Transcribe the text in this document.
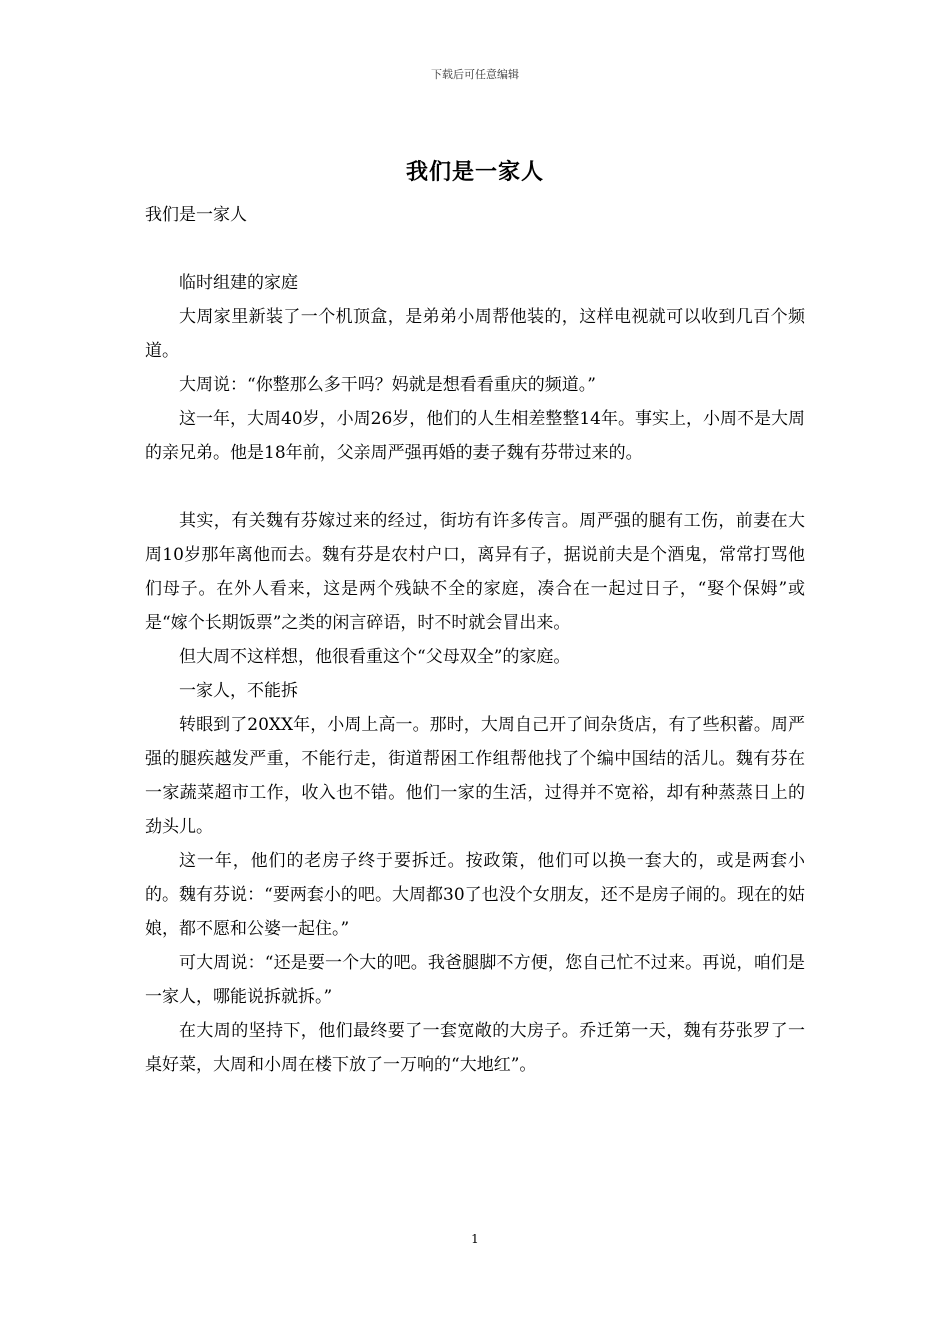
下载后可任意编辑
我们是一家人

我们是一家人

临时组建的家庭

大周家里新装了一个机顶盒，是弟弟小周帮他装的，这样电视就可以收到几百个频道。

大周说：“你整那么多干吗？妈就是想看看重庆的频道。”

这一年，大周40岁，小周26岁，他们的人生相差整整14年。事实上，小周不是大周的亲兄弟。他是18年前，父亲周严强再婚的妻子魏有芬带过来的。

其实，有关魏有芬嫁过来的经过，街坊有许多传言。周严强的腿有工伤，前妻在大周10岁那年离他而去。魏有芬是农村户口，离异有子，据说前夫是个酒鬼，常常打骂他们母子。在外人看来，这是两个残缺不全的家庭，凑合在一起过日子，“娶个保姆”或是“嫁个长期饭票”之类的闲言碎语，时不时就会冒出来。

但大周不这样想，他很看重这个“父母双全”的家庭。

一家人，不能拆

转眼到了20XX年，小周上高一。那时，大周自己开了间杂货店，有了些积蓄。周严强的腿疾越发严重，不能行走，街道帮困工作组帮他找了个编中国结的活儿。魏有芬在一家蔬菜超市工作，收入也不错。他们一家的生活，过得并不宽裕，却有种蒸蒸日上的劲头儿。

这一年，他们的老房子终于要拆迁。按政策，他们可以换一套大的，或是两套小的。魏有芬说：“要两套小的吧。大周都30了也没个女朋友，还不是房子闹的。现在的姑娘，都不愿和公婆一起住。”

可大周说：“还是要一个大的吧。我爸腿脚不方便，您自己忙不过来。再说，咱们是一家人，哪能说拆就拆。”

在大周的坚持下，他们最终要了一套宽敞的大房子。乔迁第一天，魏有芬张罗了一桌好菜，大周和小周在楼下放了一万响的“大地红”。

1
